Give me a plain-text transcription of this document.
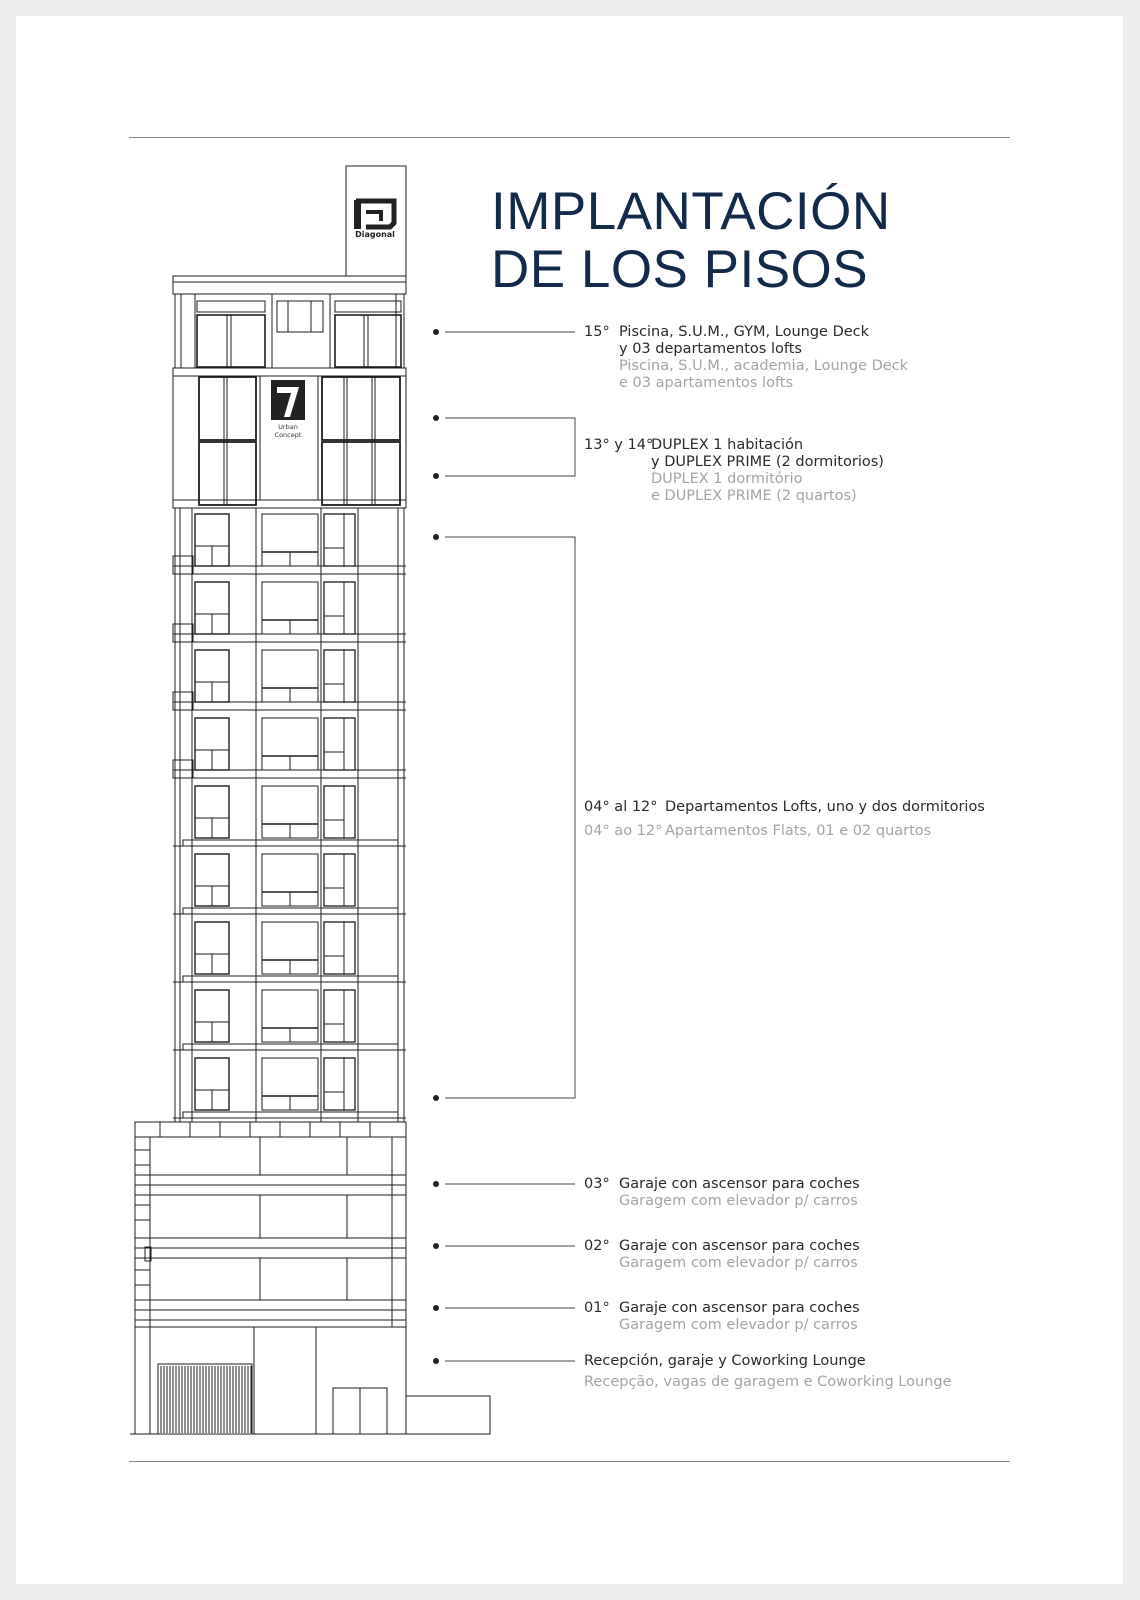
IMPLANTACIÓN
DE LOS PISOS
Urban
Concept
Diagonal
15° Piscina, S.U.M., GYM, Lounge Deck
y 03 departamentos lofts
Piscina, S.U.M., academia, Lounge Deck
e 03 apartamentos lofts
13° y 14°DUPLEX 1 habitación
y DUPLEX PRIME (2 dormitorios)
DUPLEX 1 dormitório
e DUPLEX PRIME (2 quartos)
04° al 12° Departamentos Lofts, uno y dos dormitorios
04° ao 12° Apartamentos Flats, 01 e 02 quartos
03° Garaje con ascensor para coches
Garagem com elevador p/ carros
02° Garaje con ascensor para coches
Garagem com elevador p/ carros
01° Garaje con ascensor para coches
Garagem com elevador p/ carros
Recepción, garaje y Coworking Lounge
Recepção, vagas de garagem e Coworking Lounge
